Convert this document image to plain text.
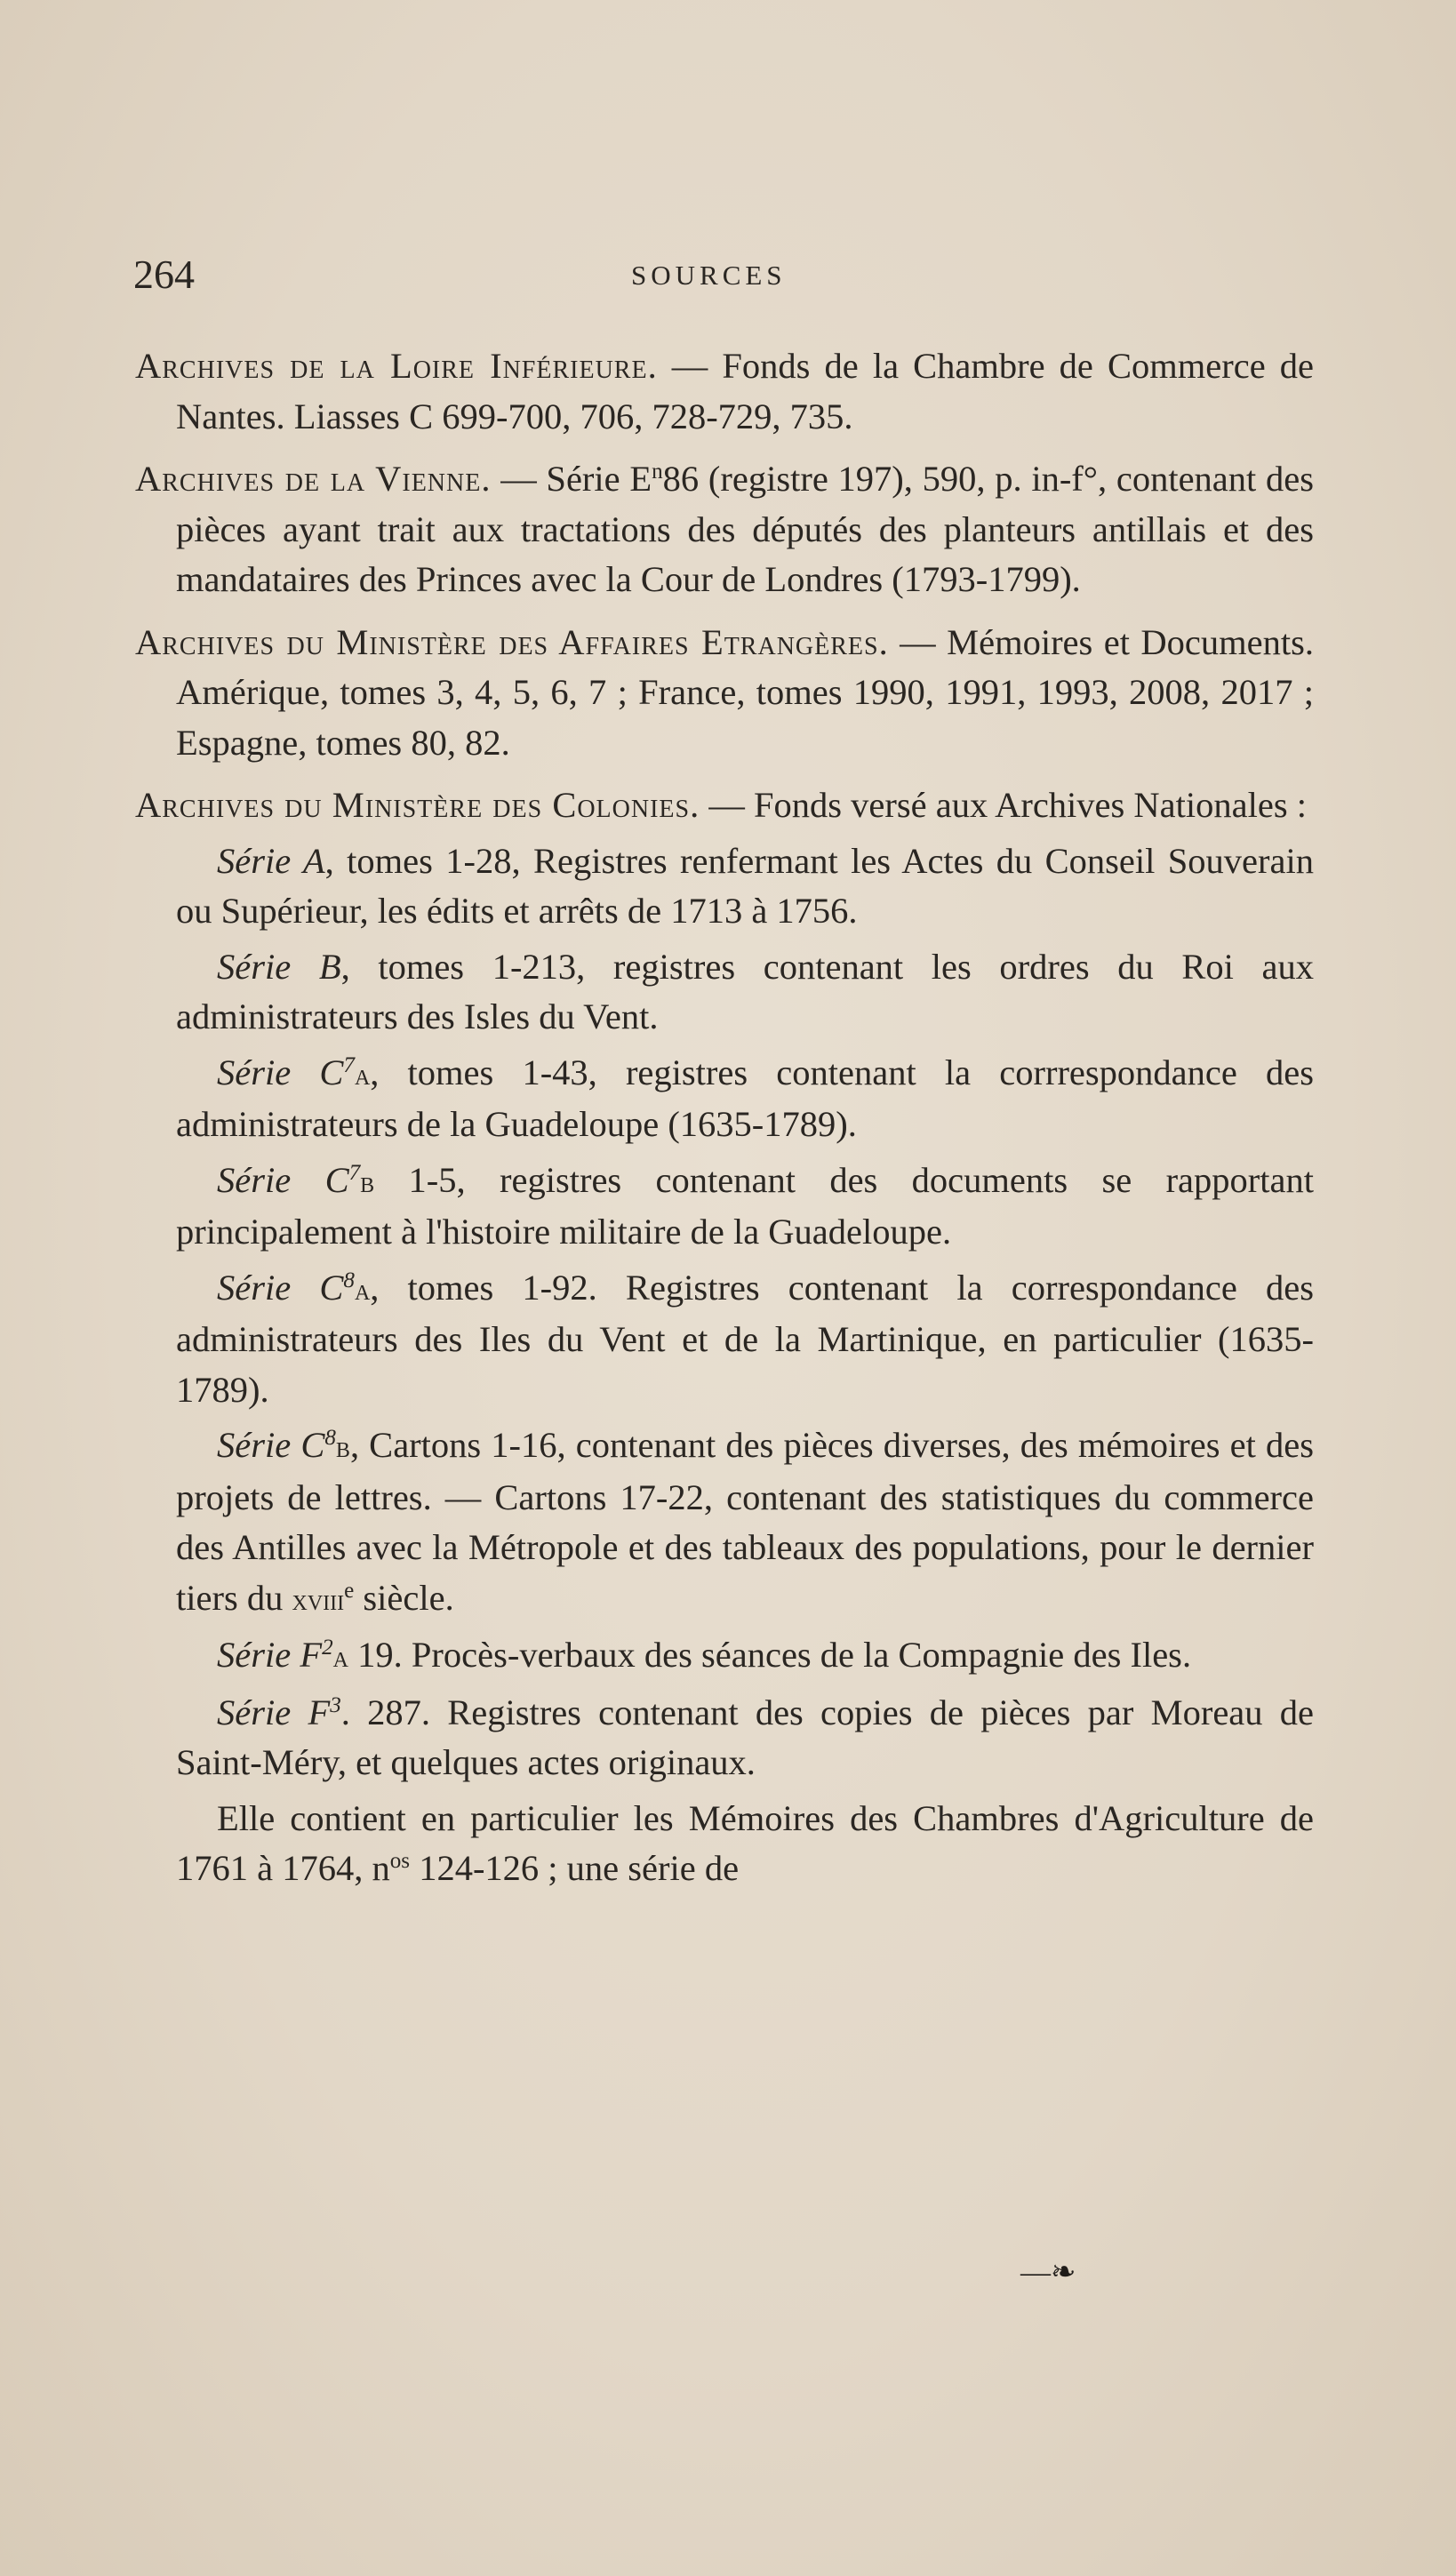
264	SOURCES

Archives de la Loire Inférieure. — Fonds de la Chambre de Commerce de Nantes. Liasses C 699-700, 706, 728-729, 735.

Archives de la Vienne. — Série $E^n86$ (registre 197), 590, p. in-f°, contenant des pièces ayant trait aux tractations des députés des planteurs antillais et des mandataires des Princes avec la Cour de Londres (1793-1799).

Archives du Ministère des Affaires Etrangères. — Mémoires et Documents. Amérique, tomes 3, 4, 5, 6, 7 ; France, tomes 1990, 1991, 1993, 2008, 2017 ; Espagne, tomes 80, 82.

Archives du Ministère des Colonies. — Fonds versé aux Archives Nationales :

Série A, tomes 1-28, Registres renfermant les Actes du Conseil Souverain ou Supérieur, les édits et arrêts de 1713 à 1756.

Série B, tomes 1-213, registres contenant les ordres du Roi aux administrateurs des Isles du Vent.

Série $C^7a$, tomes 1-43, registres contenant la corrrespondance des administrateurs de la Guadeloupe (1635-1789).

Série $C^7b$ 1-5, registres contenant des documents se rapportant principalement à l'histoire militaire de la Guadeloupe.

Série $C^8a$, tomes 1-92. Registres contenant la correspondance des administrateurs des Iles du Vent et de la Martinique, en particulier (1635-1789).

Série $C^8b$, Cartons 1-16, contenant des pièces diverses, des mémoires et des projets de lettres. — Cartons 17-22, contenant des statistiques du commerce des Antilles avec la Métropole et des tableaux des populations, pour le dernier tiers du xviii$^e$ siècle.

Série $F^2a$ 19. Procès-verbaux des séances de la Compagnie des Iles.

Série $F^3$. 287. Registres contenant des copies de pièces par Moreau de Saint-Méry, et quelques actes originaux.

Elle contient en particulier les Mémoires des Chambres d'Agriculture de 1761 à 1764, $n^{os}$ 124-126 ; une série de

—❧
